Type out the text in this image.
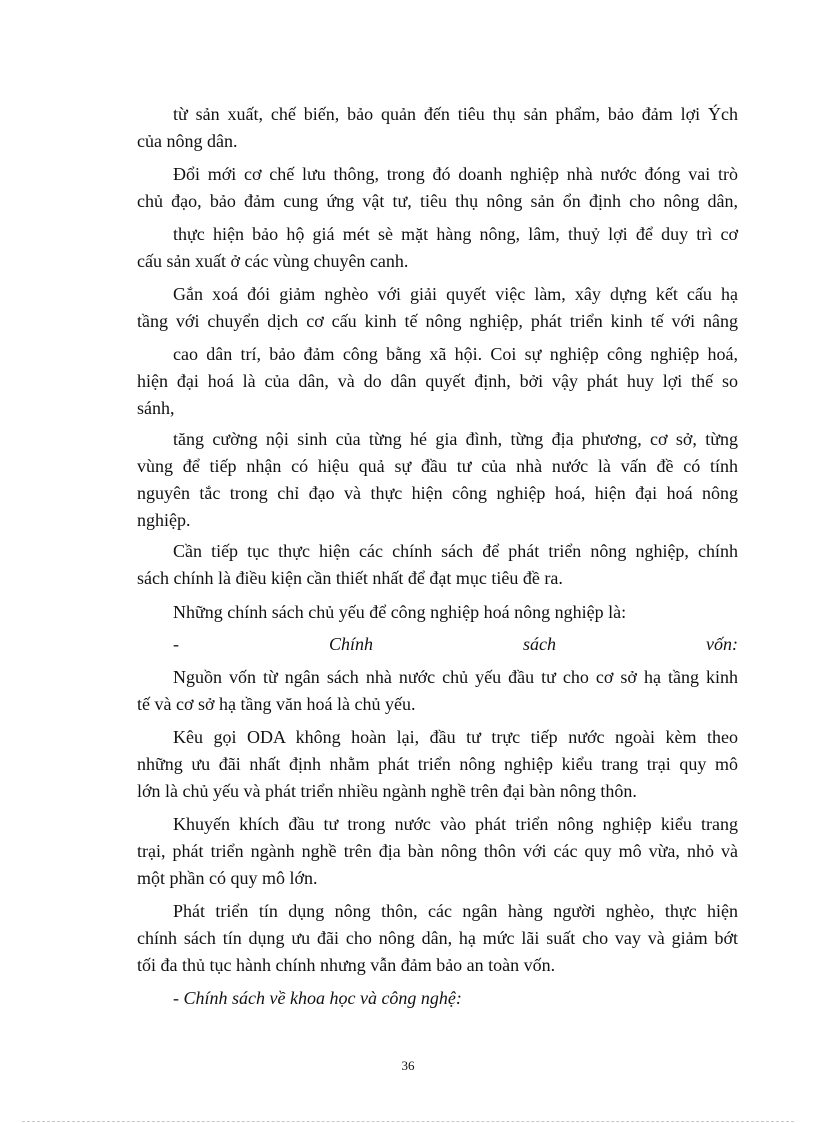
từ sản xuất, chế biến, bảo quản đến tiêu thụ sản phẩm, bảo đảm lợi Ých
của nông dân.
Đổi mới cơ chế lưu thông, trong đó doanh nghiệp nhà nước đóng vai trò
chủ đạo, bảo đảm cung ứng vật tư, tiêu thụ nông sản ổn định cho nông dân,
thực hiện bảo hộ giá mét sè mặt hàng nông, lâm, thuỷ lợi để duy trì cơ
cấu sản xuất ở các vùng chuyên canh.
Gắn xoá đói giảm nghèo với giải quyết việc làm, xây dựng kết cấu hạ
tầng với chuyển dịch cơ cấu kinh tế nông nghiệp, phát triển kinh tế với nâng
cao dân trí, bảo đảm công bằng xã hội. Coi sự nghiệp công nghiệp hoá,
hiện đại hoá là của dân, và do dân quyết định, bởi vậy phát huy lợi thế so
sánh,
tăng cường nội sinh của từng hé gia đình, từng địa phương, cơ sở, từng
vùng để tiếp nhận có hiệu quả sự đầu tư của nhà nước là vấn đề có tính
nguyên tắc trong chỉ đạo và thực hiện công nghiệp hoá, hiện đại hoá nông
nghiệp.
Cần tiếp tục thực hiện các chính sách để phát triển nông nghiệp, chính
sách chính là điều kiện cần thiết nhất để đạt mục tiêu đề ra.
Những chính sách chủ yếu để công nghiệp hoá nông nghiệp là:
- Chính sách vốn:
Nguồn vốn từ ngân sách nhà nước chủ yếu đầu tư cho cơ sở hạ tầng kinh
tế và cơ sở hạ tầng văn hoá là chủ yếu.
Kêu gọi ODA không hoàn lại, đầu tư trực tiếp nước ngoài kèm theo
những ưu đãi nhất định nhằm phát triển nông nghiệp kiểu trang trại quy mô
lớn là chủ yếu và phát triển nhiều ngành nghề trên đại bàn nông thôn.
Khuyến khích đầu tư trong nước vào phát triển nông nghiệp kiểu trang
trại, phát triển ngành nghề trên địa bàn nông thôn với các quy mô vừa, nhỏ và
một phần có quy mô lớn.
Phát triển tín dụng nông thôn, các ngân hàng người nghèo, thực hiện
chính sách tín dụng ưu đãi cho nông dân, hạ mức lãi suất cho vay và giảm bớt
tối đa thủ tục hành chính nhưng vẫn đảm bảo an toàn vốn.
- Chính sách về khoa học và công nghệ:
36
